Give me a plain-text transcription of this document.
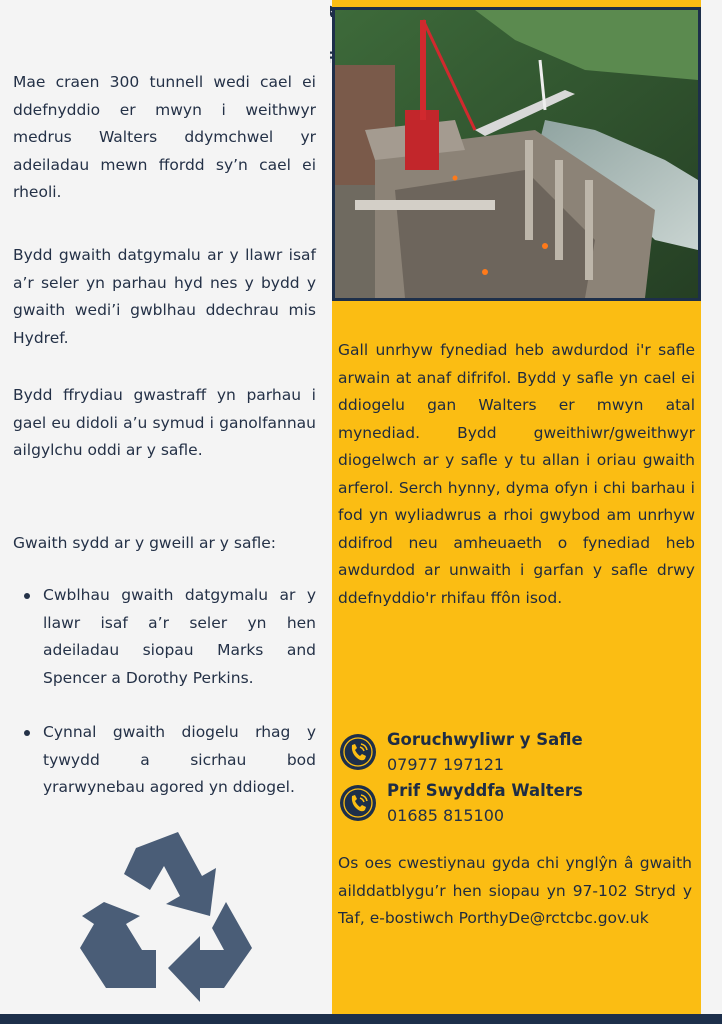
Mae craen 300 tunnell wedi cael ei ddefnyddio er mwyn i weithwyr medrus Walters ddymchwel yr adeiladau mewn ffordd sy’n cael ei rheoli.

Bydd gwaith datgymalu ar y llawr isaf a’r seler yn parhau hyd nes y bydd y gwaith wedi’i gwblhau ddechrau mis Hydref.

Bydd ffrydiau gwastraff yn parhau i gael eu didoli a’u symud i ganolfannau ailgylchu oddi ar y safle.

Gwaith sydd ar y gweill ar y safle:

Cwblhau gwaith datgymalu ar y llawr isaf a’r seler yn hen adeiladau siopau Marks and Spencer a Dorothy Perkins.
Cynnal gwaith diogelu rhag y tywydd a sicrhau bod yrarwynebau agored yn ddiogel.

Gall unrhyw fynediad heb awdurdod i'r safle arwain at anaf difrifol. Bydd y safle yn cael ei ddiogelu gan Walters er mwyn atal mynediad. Bydd gweithiwr/gweithwyr diogelwch ar y safle y tu allan i oriau gwaith arferol. Serch hynny, dyma ofyn i chi barhau i fod yn wyliadwrus a rhoi gwybod am unrhyw ddifrod neu amheuaeth o fynediad heb awdurdod ar unwaith i garfan y safle drwy ddefnyddio'r rhifau ffôn isod.

Goruchwyliwr y Safle
07977 197121
Prif Swyddfa Walters
01685 815100

Os oes cwestiynau gyda chi ynglŷn â gwaith ailddatblygu’r hen siopau yn 97-102 Stryd y Taf, e-bostiwch PorthyDe@rctcbc.gov.uk
